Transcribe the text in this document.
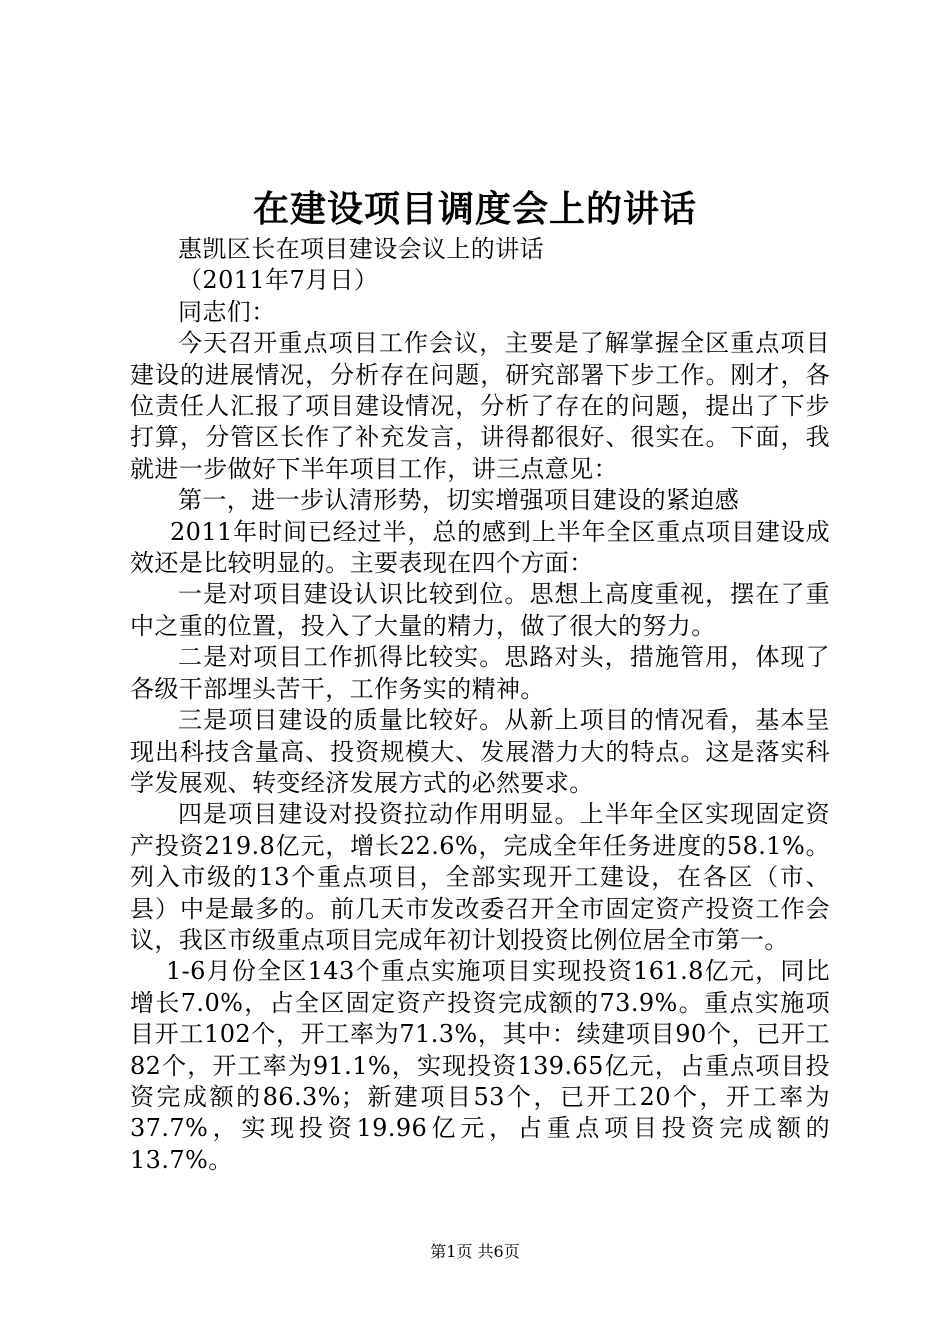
在建设项目调度会上的讲话

惠凯区长在项目建设会议上的讲话

（2011年7月日）

同志们：

今天召开重点项目工作会议，主要是了解掌握全区重点项目建设的进展情况，分析存在问题，研究部署下步工作。刚才，各位责任人汇报了项目建设情况，分析了存在的问题，提出了下步打算，分管区长作了补充发言，讲得都很好、很实在。下面，我就进一步做好下半年项目工作，讲三点意见：

第一，进一步认清形势，切实增强项目建设的紧迫感

2011年时间已经过半，总的感到上半年全区重点项目建设成效还是比较明显的。主要表现在四个方面：

一是对项目建设认识比较到位。思想上高度重视，摆在了重中之重的位置，投入了大量的精力，做了很大的努力。

二是对项目工作抓得比较实。思路对头，措施管用，体现了各级干部埋头苦干，工作务实的精神。

三是项目建设的质量比较好。从新上项目的情况看，基本呈现出科技含量高、投资规模大、发展潜力大的特点。这是落实科学发展观、转变经济发展方式的必然要求。

四是项目建设对投资拉动作用明显。上半年全区实现固定资产投资219.8亿元，增长22.6%，完成全年任务进度的58.1%。列入市级的13个重点项目，全部实现开工建设，在各区（市、县）中是最多的。前几天市发改委召开全市固定资产投资工作会议，我区市级重点项目完成年初计划投资比例位居全市第一。

1-6月份全区143个重点实施项目实现投资161.8亿元，同比增长7.0%，占全区固定资产投资完成额的73.9%。重点实施项目开工102个，开工率为71.3%，其中：续建项目90个，已开工82个，开工率为91.1%，实现投资139.65亿元，占重点项目投资完成额的86.3%；新建项目53个，已开工20个，开工率为37.7%，实现投资19.96亿元，占重点项目投资完成额的13.7%。

第1页 共6页
